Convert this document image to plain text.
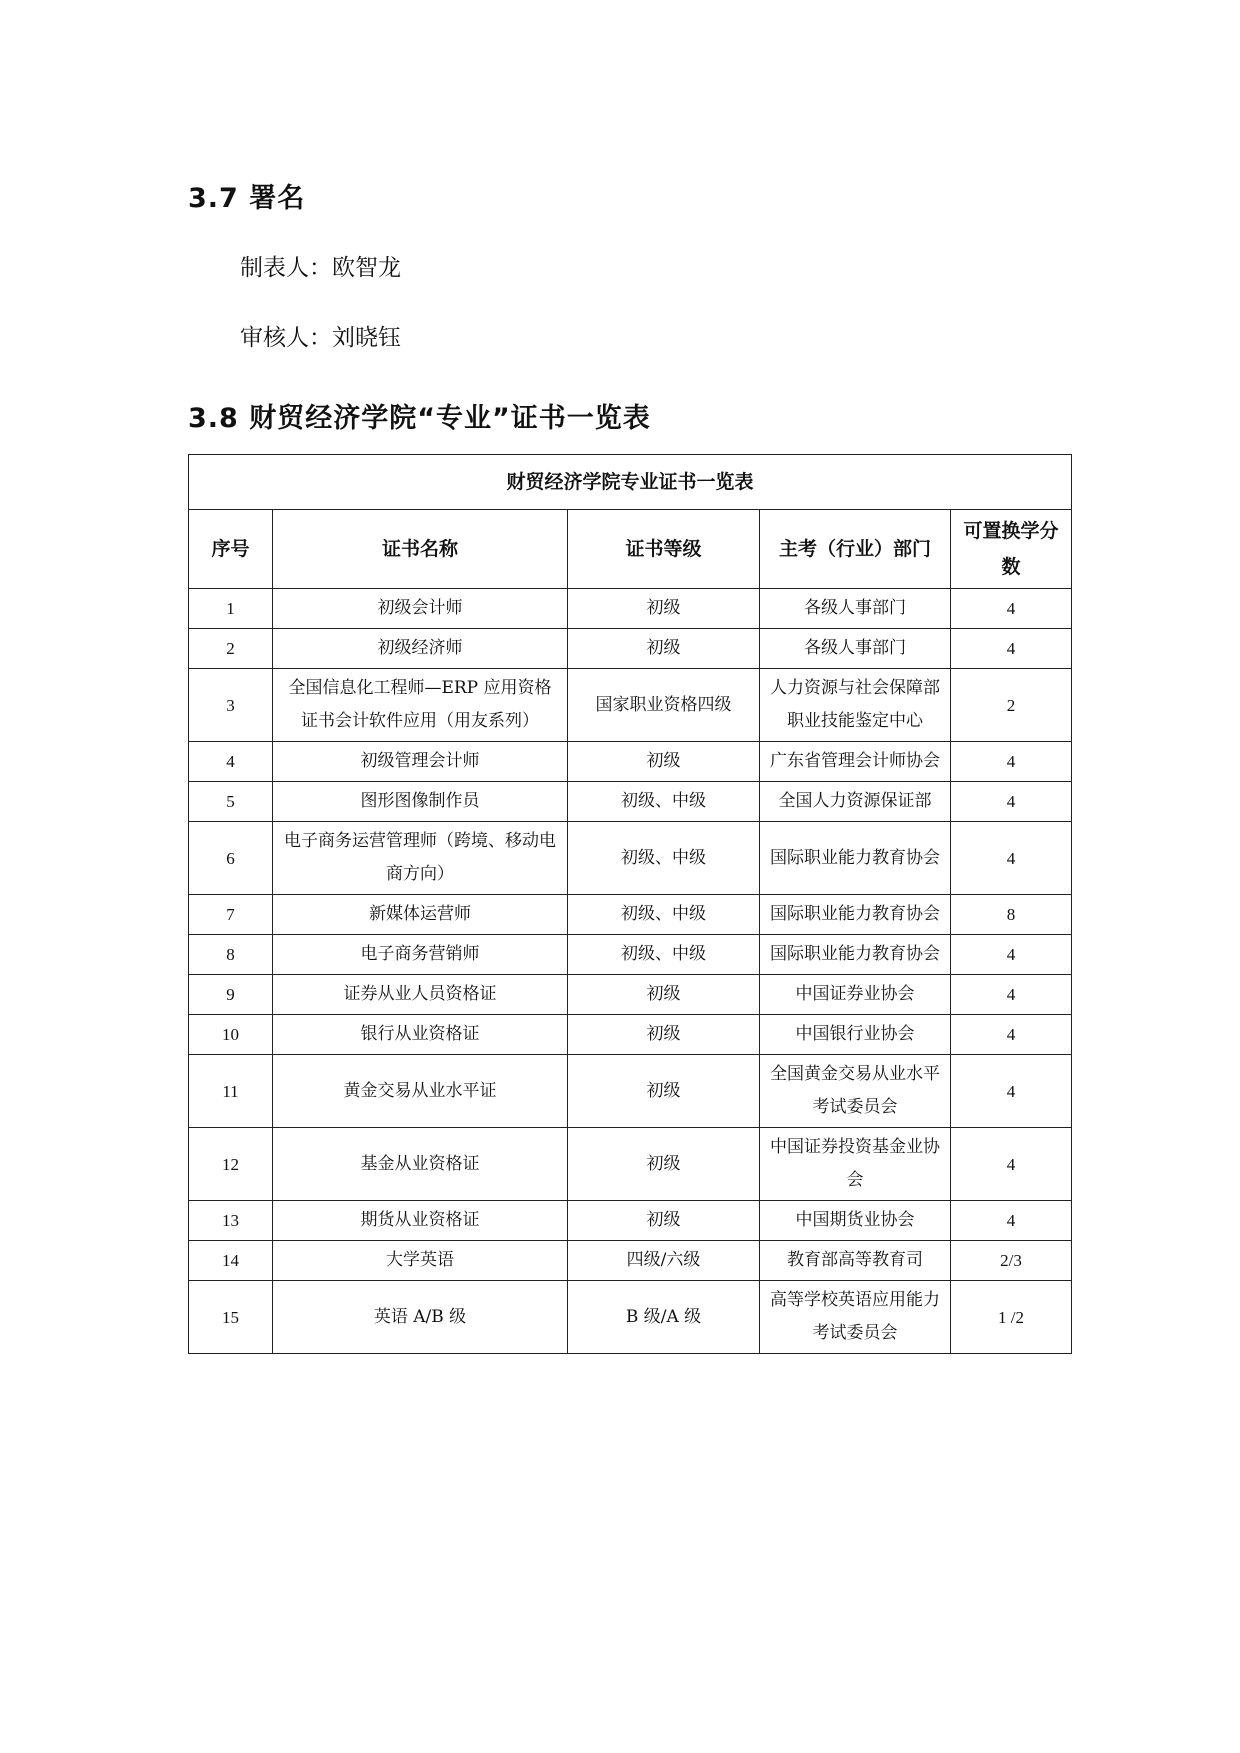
3.7 署名
制表人：欧智龙
审核人：刘晓钰
3.8 财贸经济学院“专业”证书一览表
财贸经济学院专业证书一览表				
序号	证书名称	证书等级	主考（行业）部门	可置换学分数
1	初级会计师	初级	各级人事部门	4
2	初级经济师	初级	各级人事部门	4
3	全国信息化工程师—ERP 应用资格证书会计软件应用（用友系列）	国家职业资格四级	人力资源与社会保障部职业技能鉴定中心	2
4	初级管理会计师	初级	广东省管理会计师协会	4
5	图形图像制作员	初级、中级	全国人力资源保证部	4
6	电子商务运营管理师（跨境、移动电商方向）	初级、中级	国际职业能力教育协会	4
7	新媒体运营师	初级、中级	国际职业能力教育协会	8
8	电子商务营销师	初级、中级	国际职业能力教育协会	4
9	证券从业人员资格证	初级	中国证券业协会	4
10	银行从业资格证	初级	中国银行业协会	4
11	黄金交易从业水平证	初级	全国黄金交易从业水平考试委员会	4
12	基金从业资格证	初级	中国证券投资基金业协会	4
13	期货从业资格证	初级	中国期货业协会	4
14	大学英语	四级/六级	教育部高等教育司	2/3
15	英语 A/B 级	B 级/A 级	高等学校英语应用能力考试委员会	1 /2
